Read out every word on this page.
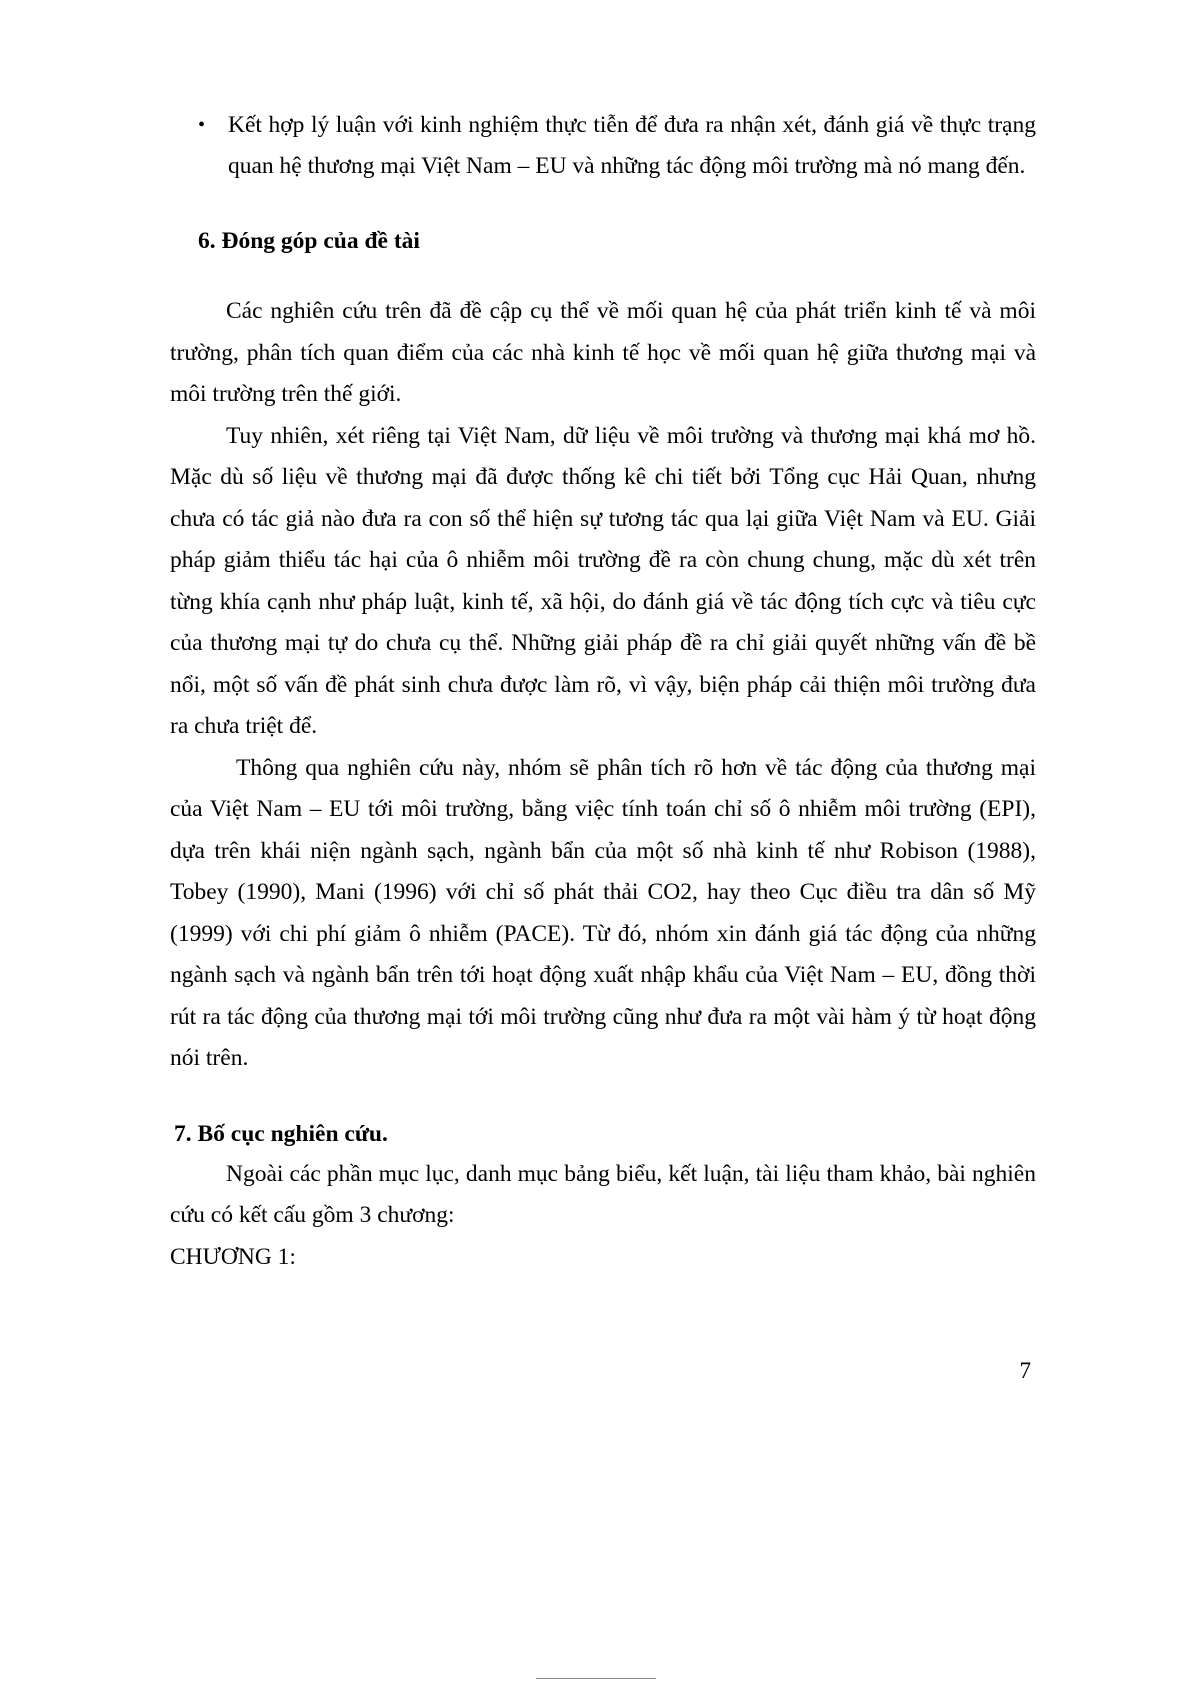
• Kết hợp lý luận với kinh nghiệm thực tiễn để đưa ra nhận xét, đánh giá về thực trạng quan hệ thương mại Việt Nam – EU và những tác động môi trường mà nó mang đến.
6. Đóng góp của đề tài

Các nghiên cứu trên đã đề cập cụ thể về mối quan hệ của phát triển kinh tế và môi trường, phân tích quan điểm của các nhà kinh tế học về mối quan hệ giữa thương mại và môi trường trên thế giới.

Tuy nhiên, xét riêng tại Việt Nam, dữ liệu về môi trường và thương mại khá mơ hồ. Mặc dù số liệu về thương mại đã được thống kê chi tiết bởi Tổng cục Hải Quan, nhưng chưa có tác giả nào đưa ra con số thể hiện sự tương tác qua lại giữa Việt Nam và EU. Giải pháp giảm thiểu tác hại của ô nhiễm môi trường đề ra còn chung chung, mặc dù xét trên từng khía cạnh như pháp luật, kinh tế, xã hội, do đánh giá về tác động tích cực và tiêu cực của thương mại tự do chưa cụ thể. Những giải pháp đề ra chỉ giải quyết những vấn đề bề nổi, một số vấn đề phát sinh chưa được làm rõ, vì vậy, biện pháp cải thiện môi trường đưa ra chưa triệt để.

Thông qua nghiên cứu này, nhóm sẽ phân tích rõ hơn về tác động của thương mại của Việt Nam – EU tới môi trường, bằng việc tính toán chỉ số ô nhiễm môi trường (EPI), dựa trên khái niện ngành sạch, ngành bẩn của một số nhà kinh tế như Robison (1988), Tobey (1990), Mani (1996) với chỉ số phát thải CO2, hay theo Cục điều tra dân số Mỹ (1999) với chi phí giảm ô nhiễm (PACE). Từ đó, nhóm xin đánh giá tác động của những ngành sạch và ngành bẩn trên tới hoạt động xuất nhập khẩu của Việt Nam – EU, đồng thời rút ra tác động của thương mại tới môi trường cũng như đưa ra một vài hàm ý từ hoạt động nói trên.

7. Bố cục nghiên cứu.

Ngoài các phần mục lục, danh mục bảng biểu, kết luận, tài liệu tham khảo, bài nghiên cứu có kết cấu gồm 3 chương:

CHƯƠNG 1:

7
